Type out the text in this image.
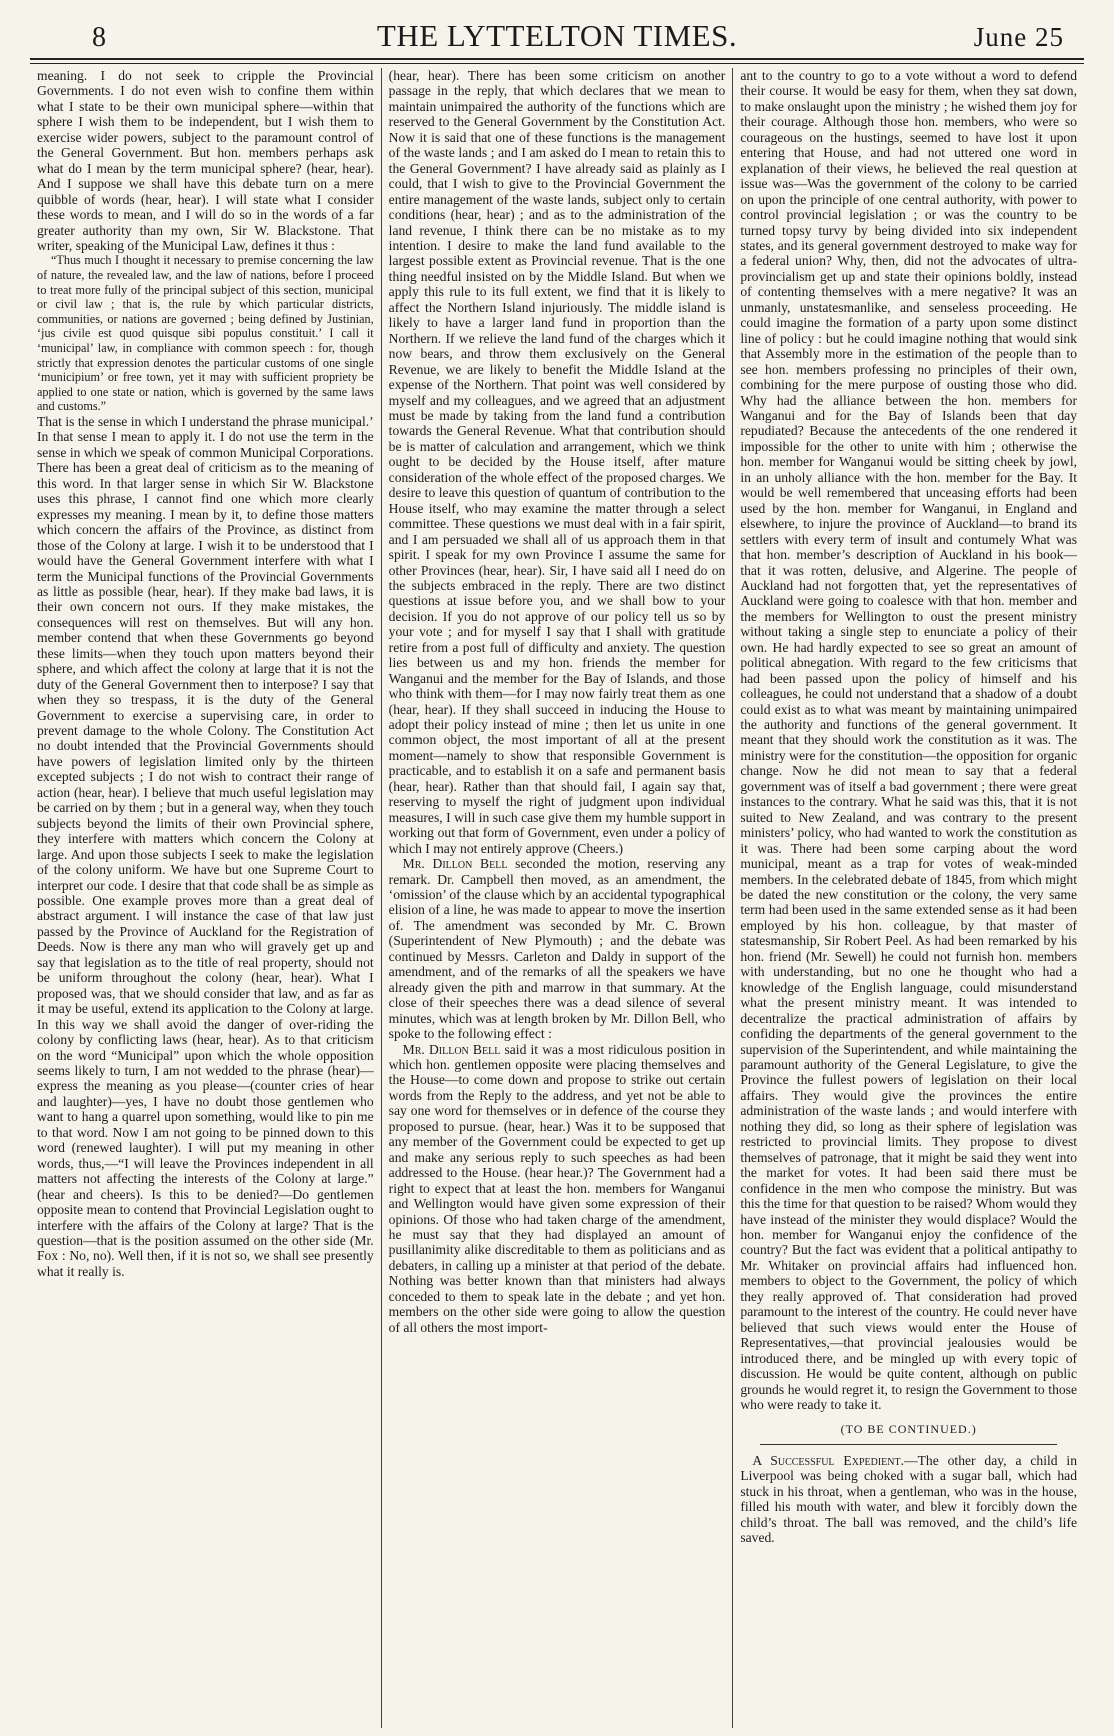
8	THE LYTTELTON TIMES.	June 25

meaning. I do not seek to cripple the Provincial Governments. I do not even wish to confine them within what I state to be their own municipal sphere—within that sphere I wish them to be independent, but I wish them to exercise wider powers, subject to the paramount control of the General Government. But hon. members perhaps ask what do I mean by the term municipal sphere? (hear, hear). And I suppose we shall have this debate turn on a mere quibble of words (hear, hear). I will state what I consider these words to mean, and I will do so in the words of a far greater authority than my own, Sir W. Blackstone. That writer, speaking of the Municipal Law, defines it thus :

“Thus much I thought it necessary to premise concerning the law of nature, the revealed law, and the law of nations, before I proceed to treat more fully of the principal subject of this section, municipal or civil law ; that is, the rule by which particular districts, communities, or nations are governed ; being defined by Justinian, ‘jus civile est quod quisque sibi populus constituit.’ I call it ‘municipal’ law, in compliance with common speech : for, though strictly that expression denotes the particular customs of one single ‘municipium’ or free town, yet it may with sufficient propriety be applied to one state or nation, which is governed by the same laws and customs.”

That is the sense in which I understand the phrase municipal.’ In that sense I mean to apply it. I do not use the term in the sense in which we speak of common Municipal Corporations. There has been a great deal of criticism as to the meaning of this word. In that larger sense in which Sir W. Blackstone uses this phrase, I cannot find one which more clearly expresses my meaning. I mean by it, to define those matters which concern the affairs of the Province, as distinct from those of the Colony at large. I wish it to be understood that I would have the General Government interfere with what I term the Municipal functions of the Provincial Governments as little as possible (hear, hear). If they make bad laws, it is their own concern not ours. If they make mistakes, the consequences will rest on themselves. But will any hon. member contend that when these Governments go beyond these limits—when they touch upon matters beyond their sphere, and which affect the colony at large that it is not the duty of the General Government then to interpose? I say that when they so trespass, it is the duty of the General Government to exercise a supervising care, in order to prevent damage to the whole Colony. The Constitution Act no doubt intended that the Provincial Governments should have powers of legislation limited only by the thirteen excepted subjects ; I do not wish to contract their range of action (hear, hear). I believe that much useful legislation may be carried on by them ; but in a general way, when they touch subjects beyond the limits of their own Provincial sphere, they interfere with matters which concern the Colony at large. And upon those subjects I seek to make the legislation of the colony uniform. We have but one Supreme Court to interpret our code. I desire that that code shall be as simple as possible. One example proves more than a great deal of abstract argument. I will instance the case of that law just passed by the Province of Auckland for the Registration of Deeds. Now is there any man who will gravely get up and say that legislation as to the title of real property, should not be uniform throughout the colony (hear, hear). What I proposed was, that we should consider that law, and as far as it may be useful, extend its application to the Colony at large. In this way we shall avoid the danger of over-riding the colony by conflicting laws (hear, hear). As to that criticism on the word “Municipal” upon which the whole opposition seems likely to turn, I am not wedded to the phrase (hear)—express the meaning as you please—(counter cries of hear and laughter)—yes, I have no doubt those gentlemen who want to hang a quarrel upon something, would like to pin me to that word. Now I am not going to be pinned down to this word (renewed laughter). I will put my meaning in other words, thus,—“I will leave the Provinces independent in all matters not affecting the interests of the Colony at large.” (hear and cheers). Is this to be denied?—Do gentlemen opposite mean to contend that Provincial Legislation ought to interfere with the affairs of the Colony at large? That is the question—that is the position assumed on the other side (Mr. Fox : No, no). Well then, if it is not so, we shall see presently what it really is.

(hear, hear). There has been some criticism on another passage in the reply, that which declares that we mean to maintain unimpaired the authority of the functions which are reserved to the General Government by the Constitution Act. Now it is said that one of these functions is the management of the waste lands ; and I am asked do I mean to retain this to the General Government? I have already said as plainly as I could, that I wish to give to the Provincial Government the entire management of the waste lands, subject only to certain conditions (hear, hear) ; and as to the administration of the land revenue, I think there can be no mistake as to my intention. I desire to make the land fund available to the largest possible extent as Provincial revenue. That is the one thing needful insisted on by the Middle Island. But when we apply this rule to its full extent, we find that it is likely to affect the Northern Island injuriously. The middle island is likely to have a larger land fund in proportion than the Northern. If we relieve the land fund of the charges which it now bears, and throw them exclusively on the General Revenue, we are likely to benefit the Middle Island at the expense of the Northern. That point was well considered by myself and my colleagues, and we agreed that an adjustment must be made by taking from the land fund a contribution towards the General Revenue. What that contribution should be is matter of calculation and arrangement, which we think ought to be decided by the House itself, after mature consideration of the whole effect of the proposed charges. We desire to leave this question of quantum of contribution to the House itself, who may examine the matter through a select committee. These questions we must deal with in a fair spirit, and I am persuaded we shall all of us approach them in that spirit. I speak for my own Province I assume the same for other Provinces (hear, hear). Sir, I have said all I need do on the subjects embraced in the reply. There are two distinct questions at issue before you, and we shall bow to your decision. If you do not approve of our policy tell us so by your vote ; and for myself I say that I shall with gratitude retire from a post full of difficulty and anxiety. The question lies between us and my hon. friends the member for Wanganui and the member for the Bay of Islands, and those who think with them—for I may now fairly treat them as one (hear, hear). If they shall succeed in inducing the House to adopt their policy instead of mine ; then let us unite in one common object, the most important of all at the present moment—namely to show that responsible Government is practicable, and to establish it on a safe and permanent basis (hear, hear). Rather than that should fail, I again say that, reserving to myself the right of judgment upon individual measures, I will in such case give them my humble support in working out that form of Government, even under a policy of which I may not entirely approve (Cheers.)

Mr. Dillon Bell seconded the motion, reserving any remark. Dr. Campbell then moved, as an amendment, the ‘omission’ of the clause which by an accidental typographical elision of a line, he was made to appear to move the insertion of. The amendment was seconded by Mr. C. Brown (Superintendent of New Plymouth) ; and the debate was continued by Messrs. Carleton and Daldy in support of the amendment, and of the remarks of all the speakers we have already given the pith and marrow in that summary. At the close of their speeches there was a dead silence of several minutes, which was at length broken by Mr. Dillon Bell, who spoke to the following effect :

Mr. Dillon Bell said it was a most ridiculous position in which hon. gentlemen opposite were placing themselves and the House—to come down and propose to strike out certain words from the Reply to the address, and yet not be able to say one word for themselves or in defence of the course they proposed to pursue. (hear, hear.) Was it to be supposed that any member of the Government could be expected to get up and make any serious reply to such speeches as had been addressed to the House. (hear hear.)? The Government had a right to expect that at least the hon. members for Wanganui and Wellington would have given some expression of their opinions. Of those who had taken charge of the amendment, he must say that they had displayed an amount of pusillanimity alike discreditable to them as politicians and as debaters, in calling up a minister at that period of the debate. Nothing was better known than that ministers had always conceded to them to speak late in the debate ; and yet hon. members on the other side were going to allow the question of all others the most import-

ant to the country to go to a vote without a word to defend their course. It would be easy for them, when they sat down, to make onslaught upon the ministry ; he wished them joy for their courage. Although those hon. members, who were so courageous on the hustings, seemed to have lost it upon entering that House, and had not uttered one word in explanation of their views, he believed the real question at issue was—Was the government of the colony to be carried on upon the principle of one central authority, with power to control provincial legislation ; or was the country to be turned topsy turvy by being divided into six independent states, and its general government destroyed to make way for a federal union? Why, then, did not the advocates of ultra-provincialism get up and state their opinions boldly, instead of contenting themselves with a mere negative? It was an unmanly, unstatesmanlike, and senseless proceeding. He could imagine the formation of a party upon some distinct line of policy : but he could imagine nothing that would sink that Assembly more in the estimation of the people than to see hon. members professing no principles of their own, combining for the mere purpose of ousting those who did. Why had the alliance between the hon. members for Wanganui and for the Bay of Islands been that day repudiated? Because the antecedents of the one rendered it impossible for the other to unite with him ; otherwise the hon. member for Wanganui would be sitting cheek by jowl, in an unholy alliance with the hon. member for the Bay. It would be well remembered that unceasing efforts had been used by the hon. member for Wanganui, in England and elsewhere, to injure the province of Auckland—to brand its settlers with every term of insult and contumely What was that hon. member’s description of Auckland in his book—that it was rotten, delusive, and Algerine. The people of Auckland had not forgotten that, yet the representatives of Auckland were going to coalesce with that hon. member and the members for Wellington to oust the present ministry without taking a single step to enunciate a policy of their own. He had hardly expected to see so great an amount of political abnegation. With regard to the few criticisms that had been passed upon the policy of himself and his colleagues, he could not understand that a shadow of a doubt could exist as to what was meant by maintaining unimpaired the authority and functions of the general government. It meant that they should work the constitution as it was. The ministry were for the constitution—the opposition for organic change. Now he did not mean to say that a federal government was of itself a bad government ; there were great instances to the contrary. What he said was this, that it is not suited to New Zealand, and was contrary to the present ministers’ policy, who had wanted to work the constitution as it was. There had been some carping about the word municipal, meant as a trap for votes of weak-minded members. In the celebrated debate of 1845, from which might be dated the new constitution or the colony, the very same term had been used in the same extended sense as it had been employed by his hon. colleague, by that master of statesmanship, Sir Robert Peel. As had been remarked by his hon. friend (Mr. Sewell) he could not furnish hon. members with understanding, but no one he thought who had a knowledge of the English language, could misunderstand what the present ministry meant. It was intended to decentralize the practical administration of affairs by confiding the departments of the general government to the supervision of the Superintendent, and while maintaining the paramount authority of the General Legislature, to give the Province the fullest powers of legislation on their local affairs. They would give the provinces the entire administration of the waste lands ; and would interfere with nothing they did, so long as their sphere of legislation was restricted to provincial limits. They propose to divest themselves of patronage, that it might be said they went into the market for votes. It had been said there must be confidence in the men who compose the ministry. But was this the time for that question to be raised? Whom would they have instead of the minister they would displace? Would the hon. member for Wanganui enjoy the confidence of the country? But the fact was evident that a political antipathy to Mr. Whitaker on provincial affairs had influenced hon. members to object to the Government, the policy of which they really approved of. That consideration had proved paramount to the interest of the country. He could never have believed that such views would enter the House of Representatives,—that provincial jealousies would be introduced there, and be mingled up with every topic of discussion. He would be quite content, although on public grounds he would regret it, to resign the Government to those who were ready to take it.

(TO BE CONTINUED.)

A Successful Expedient.—The other day, a child in Liverpool was being choked with a sugar ball, which had stuck in his throat, when a gentleman, who was in the house, filled his mouth with water, and blew it forcibly down the child’s throat. The ball was removed, and the child’s life saved.
